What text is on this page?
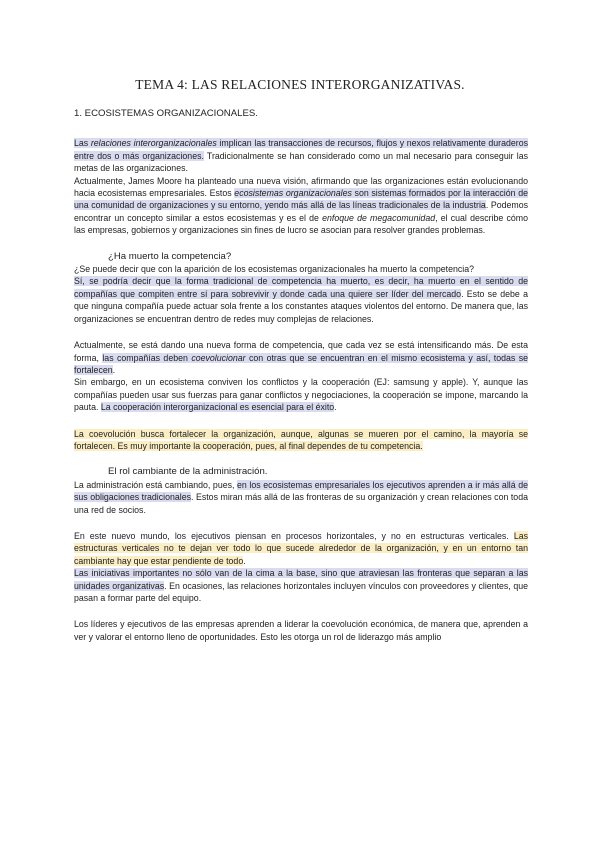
TEMA 4: LAS RELACIONES INTERORGANIZATIVAS.
1. ECOSISTEMAS ORGANIZACIONALES.

Las relaciones interorganizacionales implican las transacciones de recursos, flujos y nexos relativamente duraderos entre dos o más organizaciones. Tradicionalmente se han considerado como un mal necesario para conseguir las metas de las organizaciones.

Actualmente, James Moore ha planteado una nueva visión, afirmando que las organizaciones están evolucionando hacia ecosistemas empresariales. Estos ecosistemas organizacionales son sistemas formados por la interacción de una comunidad de organizaciones y su entorno, yendo más allá de las líneas tradicionales de la industria. Podemos encontrar un concepto similar a estos ecosistemas y es el de enfoque de megacomunidad, el cual describe cómo las empresas, gobiernos y organizaciones sin fines de lucro se asocian para resolver grandes problemas.

¿Ha muerto la competencia?

¿Se puede decir que con la aparición de los ecosistemas organizacionales ha muerto la competencia?

Sí, se podría decir que la forma tradicional de competencia ha muerto, es decir, ha muerto en el sentido de compañías que compiten entre sí para sobrevivir y donde cada una quiere ser líder del mercado. Esto se debe a que ninguna compañía puede actuar sola frente a los constantes ataques violentos del entorno. De manera que, las organizaciones se encuentran dentro de redes muy complejas de relaciones.

Actualmente, se está dando una nueva forma de competencia, que cada vez se está intensificando más. De esta forma, las compañías deben coevolucionar con otras que se encuentran en el mismo ecosistema y así, todas se fortalecen.

Sin embargo, en un ecosistema conviven los conflictos y la cooperación (EJ: samsung y apple). Y, aunque las compañías pueden usar sus fuerzas para ganar conflictos y negociaciones, la cooperación se impone, marcando la pauta. La cooperación interorganizacional es esencial para el éxito.

La coevolución busca fortalecer la organización, aunque, algunas se mueren por el camino, la mayoría se fortalecen. Es muy importante la cooperación, pues, al final dependes de tu competencia.

El rol cambiante de la administración.

La administración está cambiando, pues, en los ecosistemas empresariales los ejecutivos aprenden a ir más allá de sus obligaciones tradicionales. Estos miran más allá de las fronteras de su organización y crean relaciones con toda una red de socios.

En este nuevo mundo, los ejecutivos piensan en procesos horizontales, y no en estructuras verticales. Las estructuras verticales no te dejan ver todo lo que sucede alrededor de la organización, y en un entorno tan cambiante hay que estar pendiente de todo.

Las iniciativas importantes no sólo van de la cima a la base, sino que atraviesan las fronteras que separan a las unidades organizativas. En ocasiones, las relaciones horizontales incluyen vínculos con proveedores y clientes, que pasan a formar parte del equipo.

Los líderes y ejecutivos de las empresas aprenden a liderar la coevolución económica, de manera que, aprenden a ver y valorar el entorno lleno de oportunidades. Esto les otorga un rol de liderazgo más amplio
